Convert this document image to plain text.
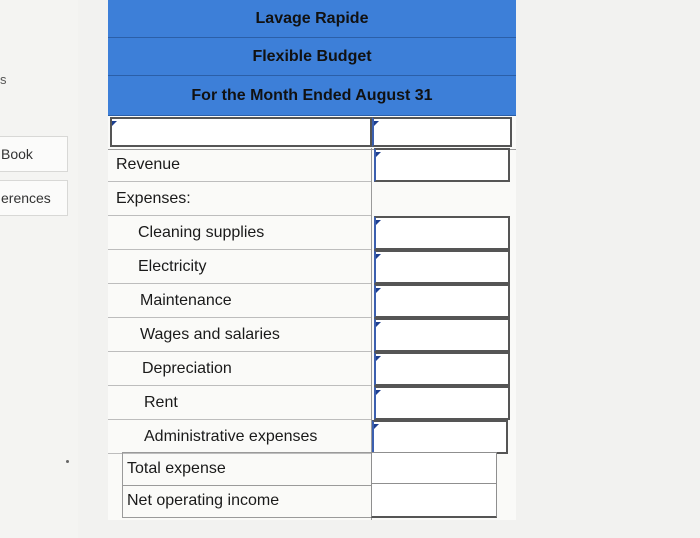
s
Book
erences
Lavage Rapide
Flexible Budget
For the Month Ended August 31
Revenue
Expenses:
Cleaning supplies
Electricity
Maintenance
Wages and salaries
Depreciation
Rent
Administrative expenses
Total expense
Net operating income
